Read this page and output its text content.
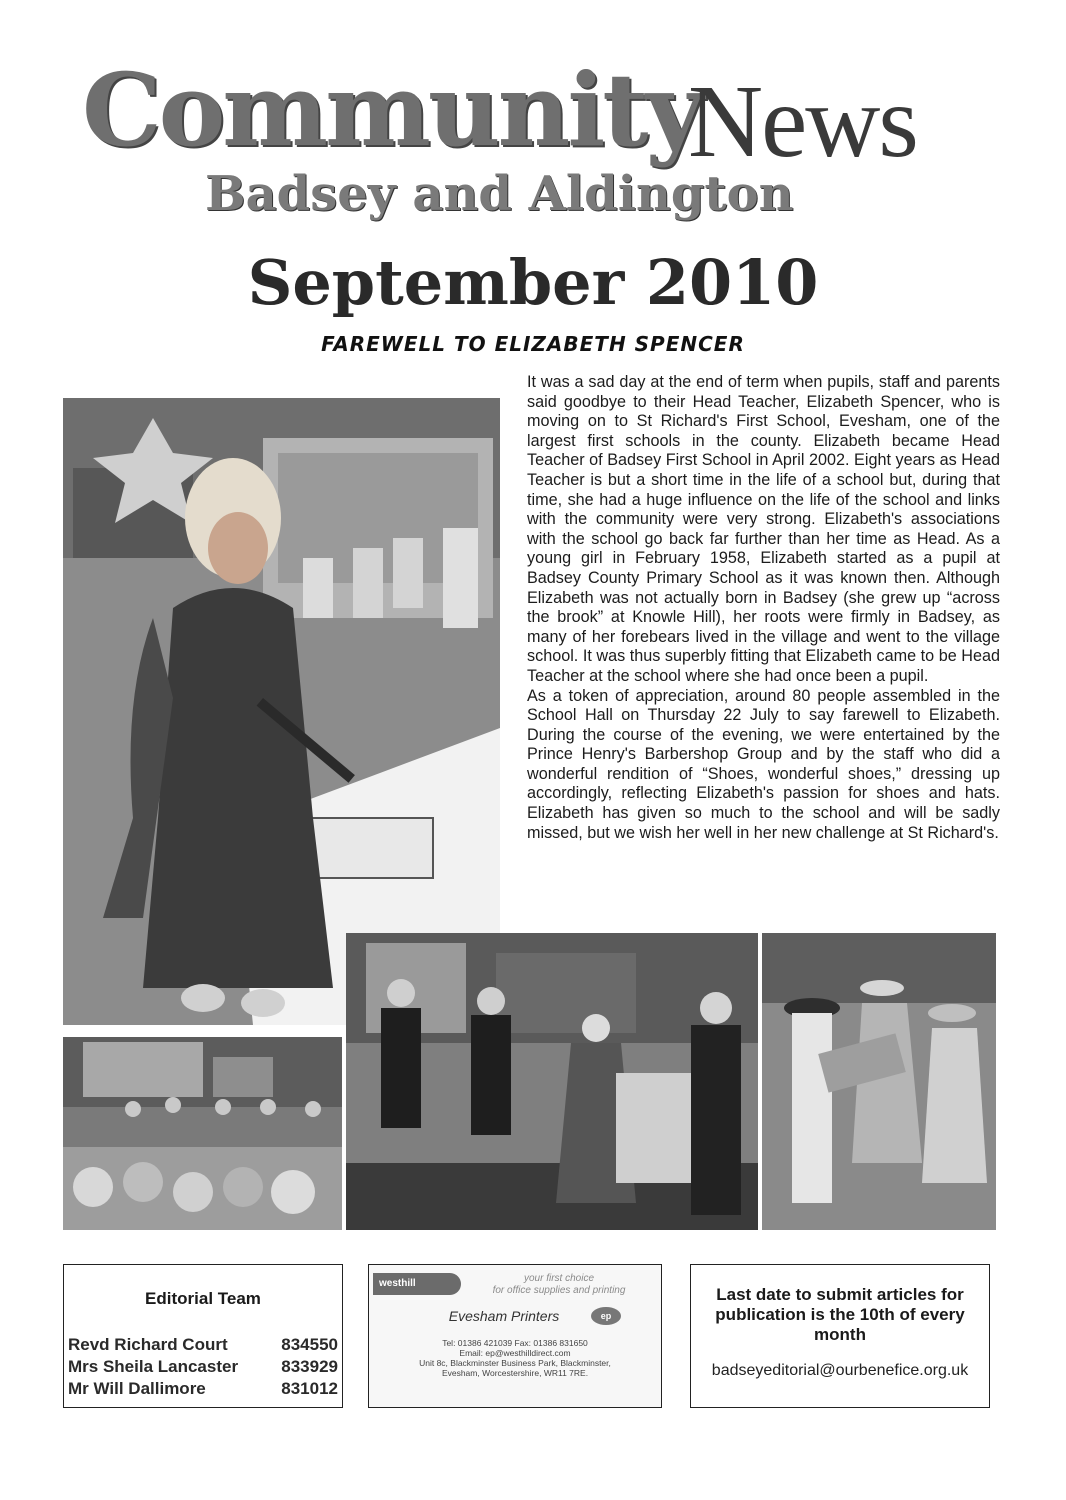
Community
News
Badsey and Aldington
September 2010
FAREWELL TO ELIZABETH SPENCER

It was a sad day at the end of term when pupils, staff and parents said goodbye to their Head Teacher, Elizabeth Spencer, who is moving on to St Richard's First School, Evesham, one of the largest first schools in the county. Elizabeth became Head Teacher of Badsey First School in April 2002. Eight years as Head Teacher is but a short time in the life of a school but, during that time, she had a huge influence on the life of the school and links with the community were very strong. Elizabeth's associations with the school go back far further than her time as Head. As a young girl in February 1958, Elizabeth started as a pupil at Badsey County Primary School as it was known then. Although Elizabeth was not actually born in Badsey (she grew up “across the brook” at Knowle Hill), her roots were firmly in Badsey, as many of her forebears lived in the village and went to the village school. It was thus superbly fitting that Elizabeth came to be Head Teacher at the school where she had once been a pupil.

As a token of appreciation, around 80 people assembled in the School Hall on Thursday 22 July to say farewell to Elizabeth. During the course of the evening, we were entertained by the Prince Henry's Barbershop Group and by the staff who did a wonderful rendition of “Shoes, wonderful shoes,” dressing up accordingly, reflecting Elizabeth's passion for shoes and hats. Elizabeth has given so much to the school and will be sadly missed, but we wish her well in her new challenge at St Richard's.

Editorial Team
Revd Richard Court	834550
Mrs Sheila Lancaster	833929
Mr Will Dallimore	831012
westhill	your first choice
for office supplies and printing
Evesham Printers	ep
Tel: 01386 421039 Fax: 01386 831650
Email: ep@westhilldirect.com
Unit 8c, Blackminster Business Park, Blackminster,
Evesham, Worcestershire, WR11 7RE.
Last date to submit articles for publication is the 10th of every month
badseyeditorial@ourbenefice.org.uk
